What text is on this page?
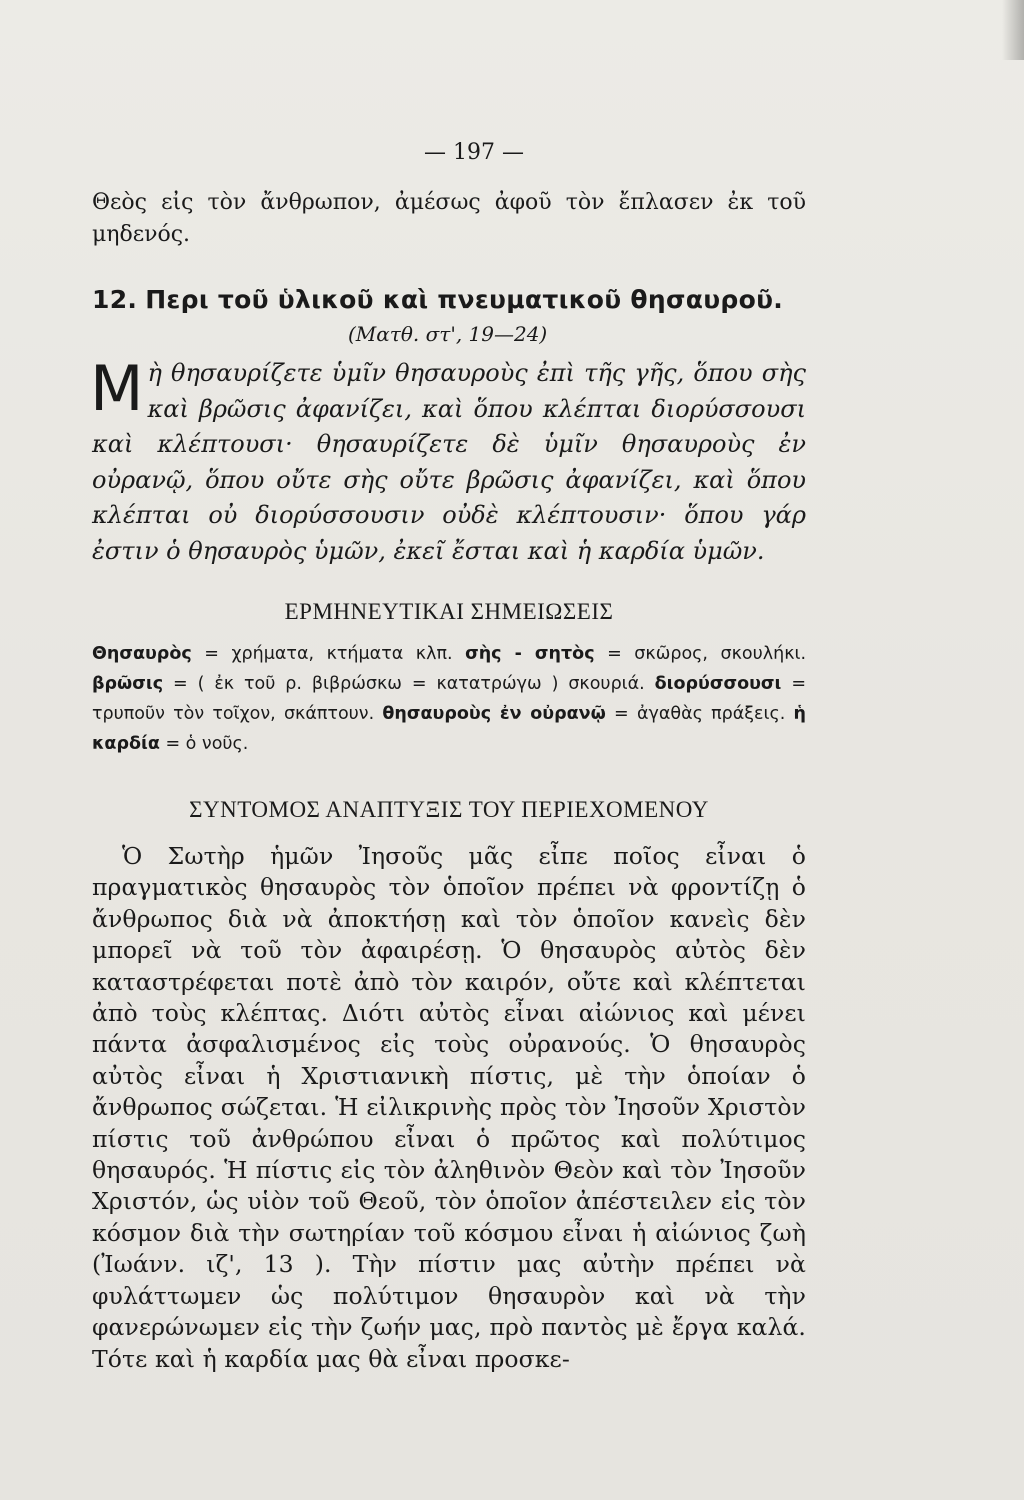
— 197 —

Θεὸς εἰς τὸν ἄνθρωπον, ἀμέσως ἀφοῦ τὸν ἔπλασεν ἐκ τοῦ μηδενός.

12. Περι τοῦ ὑλικοῦ καὶ πνευματικοῦ θησαυροῦ.
(Ματθ. στ', 19—24)

Μὴ θησαυρίζετε ὑμῖν θησαυροὺς ἐπὶ τῆς γῆς, ὅπου σὴς καὶ βρῶσις ἀφανίζει, καὶ ὅπου κλέπται διορύσσουσι καὶ κλέπτουσι· θησαυρίζετε δὲ ὑμῖν θησαυροὺς ἐν οὐρανῷ, ὅπου οὔτε σὴς οὔτε βρῶσις ἀφανίζει, καὶ ὅπου κλέπται οὐ διορύσσουσιν οὐδὲ κλέπτουσιν· ὅπου γάρ ἐστιν ὁ θησαυρὸς ὑμῶν, ἐκεῖ ἔσται καὶ ἡ καρδία ὑμῶν.

ΕΡΜΗΝΕΥΤΙΚΑΙ ΣΗΜΕΙΩΣΕΙΣ

Θησαυρὸς = χρήματα, κτήματα κλπ. σὴς - σητὸς = σκῶρος, σκουλήκι. βρῶσις = ( ἐκ τοῦ ρ. βιβρώσκω = κατατρώγω ) σκουριά. διορύσσουσι = τρυποῦν τὸν τοῖχον, σκάπτουν. θησαυροὺς ἐν οὐρανῷ = ἀγαθὰς πράξεις. ἡ καρδία = ὁ νοῦς.

ΣΥΝΤΟΜΟΣ ΑΝΑΠΤΥΞΙΣ ΤΟΥ ΠΕΡΙΕΧΟΜΕΝΟΥ

Ὁ Σωτὴρ ἡμῶν Ἰησοῦς μᾶς εἶπε ποῖος εἶναι ὁ πραγματικὸς θησαυρὸς τὸν ὁποῖον πρέπει νὰ φροντίζῃ ὁ ἄνθρωπος διὰ νὰ ἀποκτήσῃ καὶ τὸν ὁποῖον κανεὶς δὲν μπορεῖ νὰ τοῦ τὸν ἀφαιρέσῃ. Ὁ θησαυρὸς αὐτὸς δὲν καταστρέφεται ποτὲ ἀπὸ τὸν καιρόν, οὔτε καὶ κλέπτεται ἀπὸ τοὺς κλέπτας. Διότι αὐτὸς εἶναι αἰώνιος καὶ μένει πάντα ἀσφαλισμένος εἰς τοὺς οὐρανούς. Ὁ θησαυρὸς αὐτὸς εἶναι ἡ Χριστιανικὴ πίστις, μὲ τὴν ὁποίαν ὁ ἄνθρωπος σώζεται. Ἡ εἰλικρινὴς πρὸς τὸν Ἰησοῦν Χριστὸν πίστις τοῦ ἀνθρώπου εἶναι ὁ πρῶτος καὶ πολύτιμος θησαυρός. Ἡ πίστις εἰς τὸν ἀληθινὸν Θεὸν καὶ τὸν Ἰησοῦν Χριστόν, ὡς υἱὸν τοῦ Θεοῦ, τὸν ὁποῖον ἀπέστειλεν εἰς τὸν κόσμον διὰ τὴν σωτηρίαν τοῦ κόσμου εἶναι ἡ αἰώνιος ζωὴ (Ἰωάνν. ιζ', 13 ). Τὴν πίστιν μας αὐτὴν πρέπει νὰ φυλάττωμεν ὡς πολύτιμον θησαυρὸν καὶ νὰ τὴν φανερώνωμεν εἰς τὴν ζωήν μας, πρὸ παντὸς μὲ ἔργα καλά. Τότε καὶ ἡ καρδία μας θὰ εἶναι προσκε-
